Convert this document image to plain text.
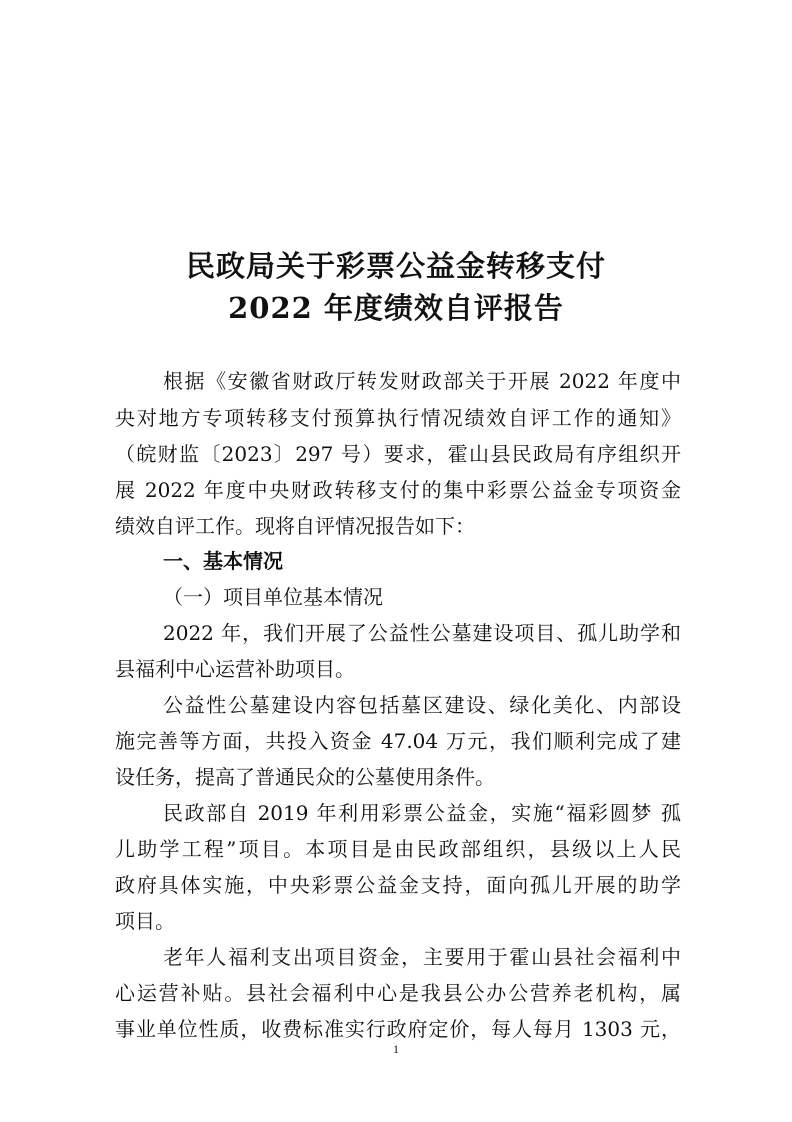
民政局关于彩票公益金转移支付
2022 年度绩效自评报告
根据《安徽省财政厅转发财政部关于开展 2022 年度中
央对地方专项转移支付预算执行情况绩效自评工作的通知》
（皖财监〔2023〕297 号）要求，霍山县民政局有序组织开
展 2022 年度中央财政转移支付的集中彩票公益金专项资金
绩效自评工作。现将自评情况报告如下：
一、基本情况
（一）项目单位基本情况
2022 年，我们开展了公益性公墓建设项目、孤儿助学和
县福利中心运营补助项目。
公益性公墓建设内容包括墓区建设、绿化美化、内部设
施完善等方面，共投入资金 47.04 万元，我们顺利完成了建
设任务，提高了普通民众的公墓使用条件。
民政部自 2019 年利用彩票公益金，实施“福彩圆梦 孤
儿助学工程”项目。本项目是由民政部组织，县级以上人民
政府具体实施，中央彩票公益金支持，面向孤儿开展的助学
项目。
老年人福利支出项目资金，主要用于霍山县社会福利中
心运营补贴。县社会福利中心是我县公办公营养老机构，属
事业单位性质，收费标准实行政府定价，每人每月 1303 元，
1
